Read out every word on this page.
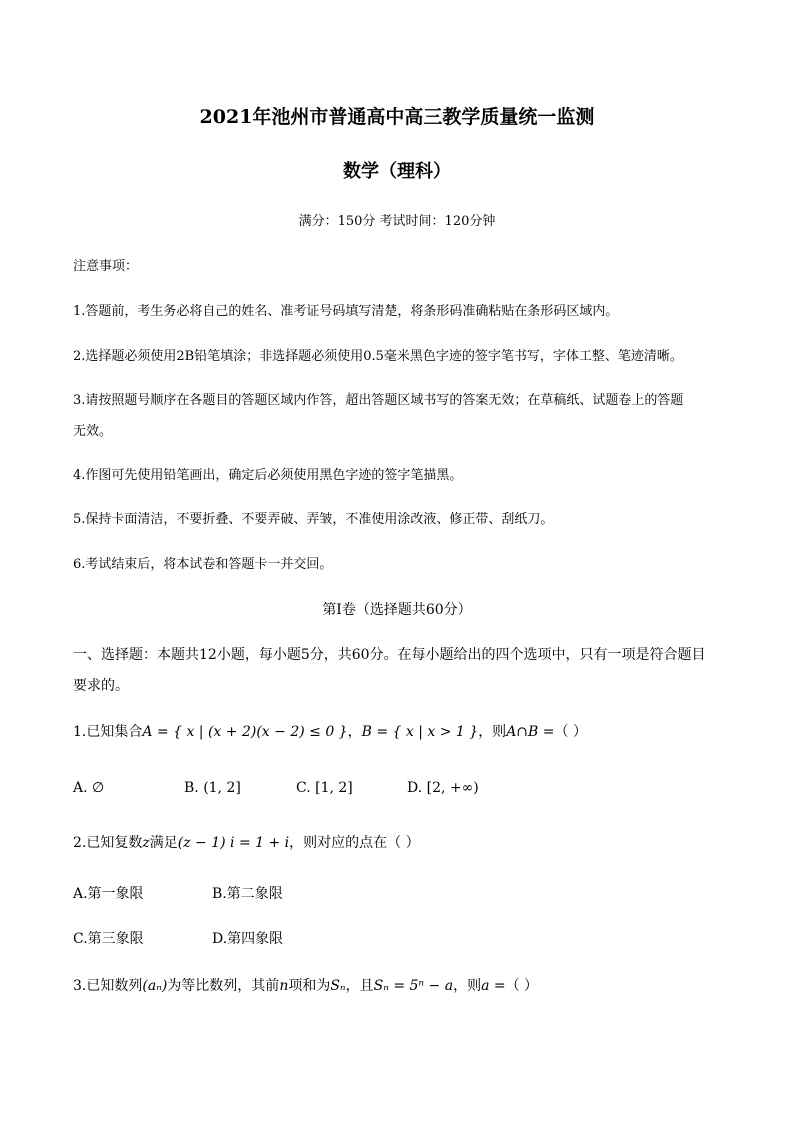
2021年池州市普通高中高三教学质量统一监测
数学（理科）
满分：150分 考试时间：120分钟
注意事项：
1.答题前，考生务必将自己的姓名、准考证号码填写清楚，将条形码准确粘贴在条形码区域内。
2.选择题必须使用2B铅笔填涂；非选择题必须使用0.5毫米黑色字迹的签字笔书写，字体工整、笔迹清晰。
3.请按照题号顺序在各题目的答题区域内作答，超出答题区域书写的答案无效；在草稿纸、试题卷上的答题
无效。
4.作图可先使用铅笔画出，确定后必须使用黑色字迹的签字笔描黑。
5.保持卡面清洁，不要折叠、不要弄破、弄皱，不准使用涂改液、修正带、刮纸刀。
6.考试结束后，将本试卷和答题卡一并交回。
第Ⅰ卷（选择题共60分）
一、选择题：本题共12小题，每小题5分，共60分。在每小题给出的四个选项中，只有一项是符合题目
要求的。
1.已知集合A = { x | (x + 2)(x − 2) ≤ 0 }，B = { x | x > 1 }，则A∩B =（ ）
A. ∅	B. (1, 2]	C. [1, 2]	D. [2, +∞)
2.已知复数z满足(z − 1) i = 1 + i，则对应的点在（ ）
A.第一象限	B.第二象限
C.第三象限	D.第四象限
3.已知数列(aₙ)为等比数列，其前n项和为Sₙ，且Sₙ = 5ⁿ − a，则a =（ ）
